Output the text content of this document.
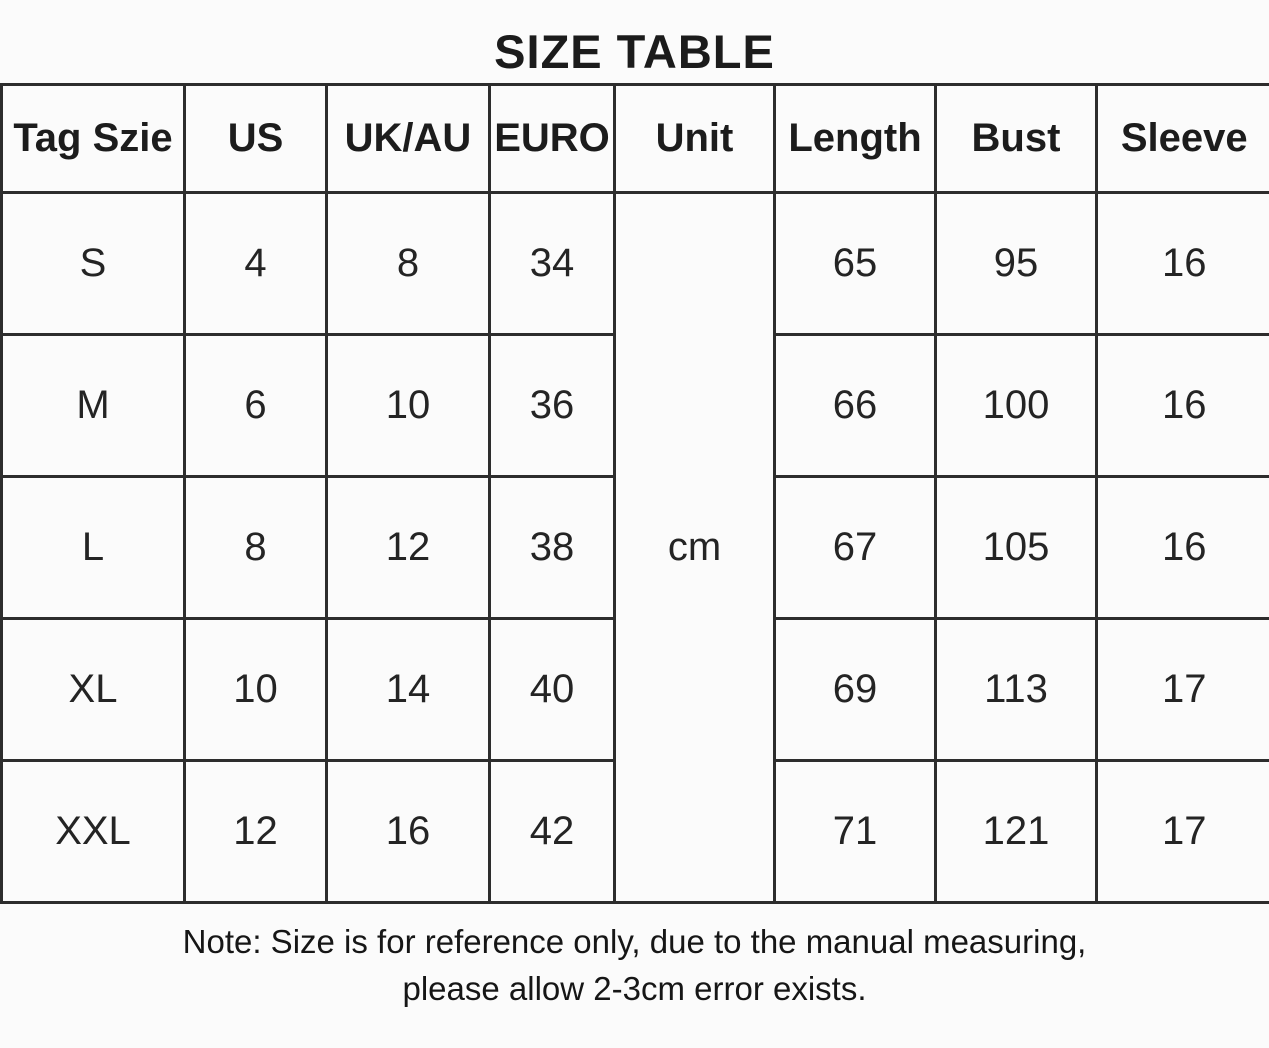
SIZE TABLE
Tag Szie	US	UK/AU	EURO	Unit	Length	Bust	Sleeve
S	4	8	34	cm	65	95	16
M	6	10	36		66	100	16
L	8	12	38		67	105	16
XL	10	14	40		69	113	17
XXL	12	16	42		71	121	17

Note: Size is for reference only, due to the manual measuring,
please allow 2-3cm error exists.
